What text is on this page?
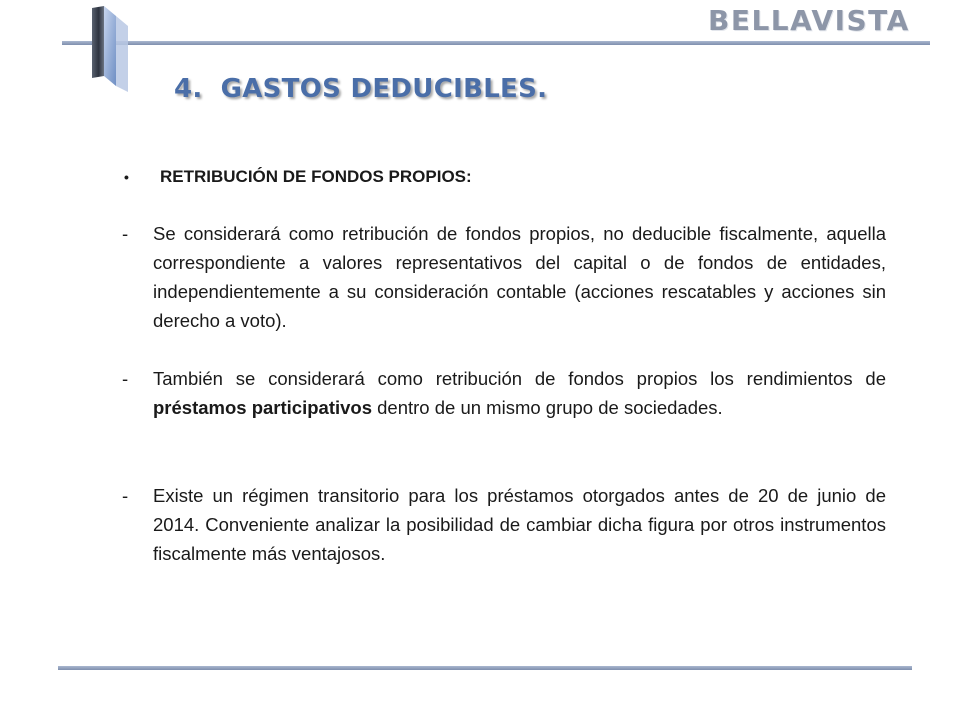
BELLAVISTA
4. GASTOS DEDUCIBLES.
• RETRIBUCIÓN DE FONDOS PROPIOS:
-	Se considerará como retribución de fondos propios, no deducible fiscalmente, aquella correspondiente a valores representativos del capital o de fondos de entidades, independientemente a su consideración contable (acciones rescatables y acciones sin derecho a voto).
-	También se considerará como retribución de fondos propios los rendimientos de préstamos participativos dentro de un mismo grupo de sociedades.
-	Existe un régimen transitorio para los préstamos otorgados antes de 20 de junio de 2014. Conveniente analizar la posibilidad de cambiar dicha figura por otros instrumentos fiscalmente más ventajosos.
